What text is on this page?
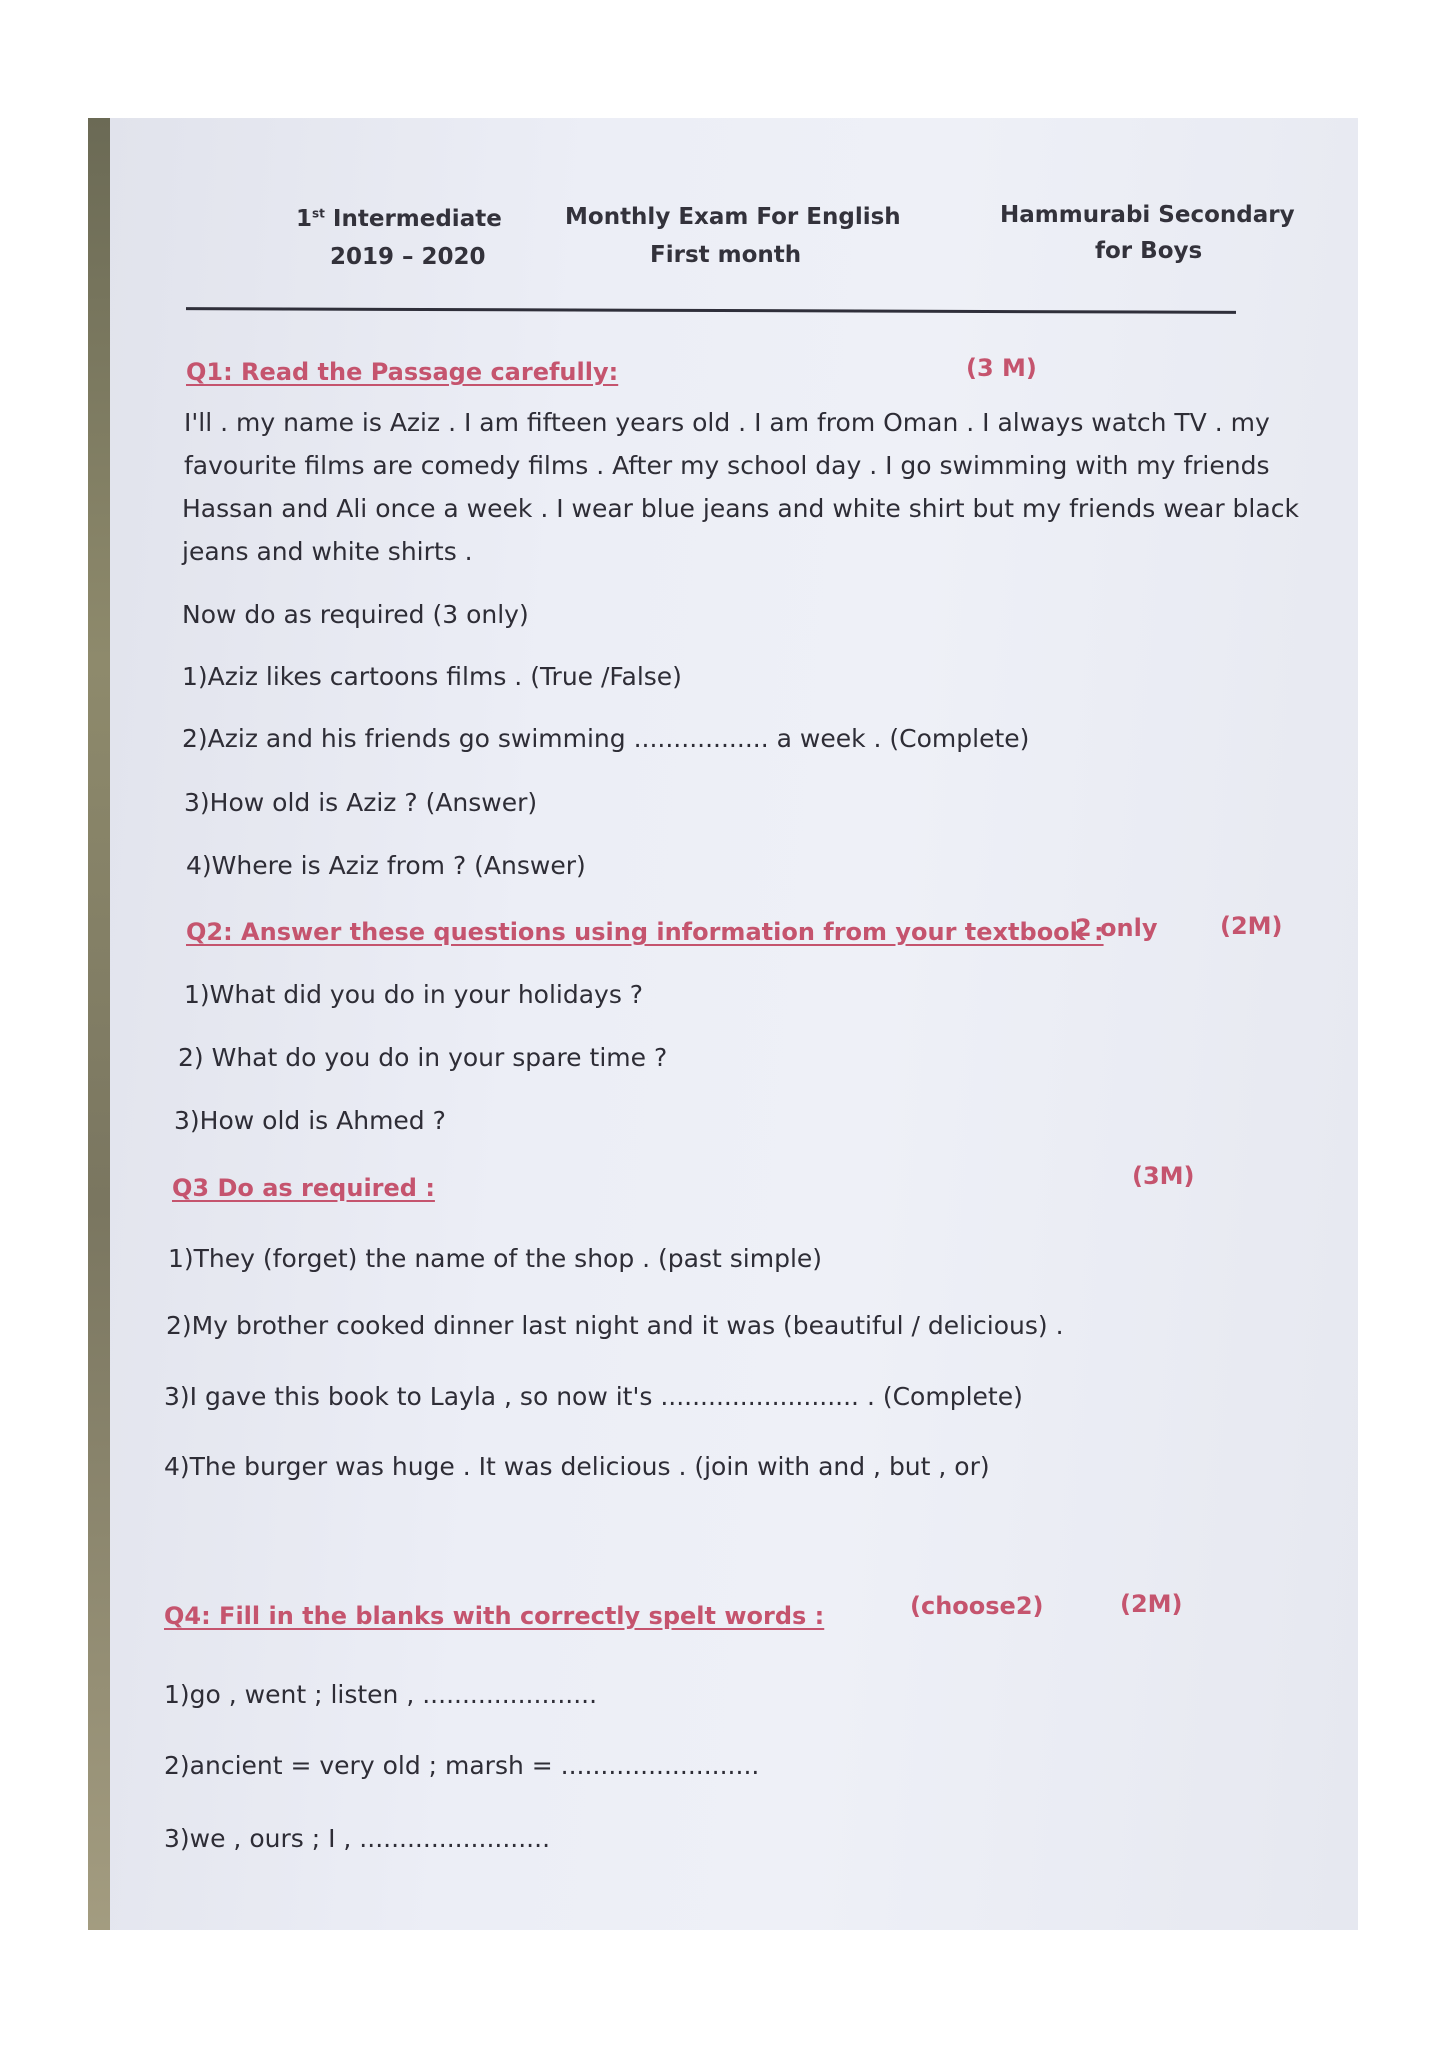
1st Intermediate
2019 – 2020
Monthly Exam For English
First month
Hammurabi Secondary
for Boys
Q1: Read the Passage carefully:	(3 M)
I'll . my name is Aziz . I am fifteen years old . I am from Oman . I always watch TV . my
favourite films are comedy films . After my school day . I go swimming with my friends
Hassan and Ali once a week . I wear blue jeans and white shirt but my friends wear black
jeans and white shirts .
Now do as required (3 only)
1)Aziz likes cartoons films . (True /False)
2)Aziz and his friends go swimming ................. a week . (Complete)
3)How old is Aziz ? (Answer)
4)Where is Aziz from ? (Answer)
Q2: Answer these questions using information from your textbook :
2 only	(2M)
1)What did you do in your holidays ?
2) What do you do in your spare time ?
3)How old is Ahmed ?
Q3 Do as required :	(3M)
1)They (forget) the name of the shop . (past simple)
2)My brother cooked dinner last night and it was (beautiful / delicious) .
3)I gave this book to Layla , so now it's ......................... . (Complete)
4)The burger was huge . It was delicious . (join with and , but , or)
Q4: Fill in the blanks with correctly spelt words :	(choose2)	(2M)
1)go , went ; listen , ......................
2)ancient = very old ; marsh = .........................
3)we , ours ; I , ........................
